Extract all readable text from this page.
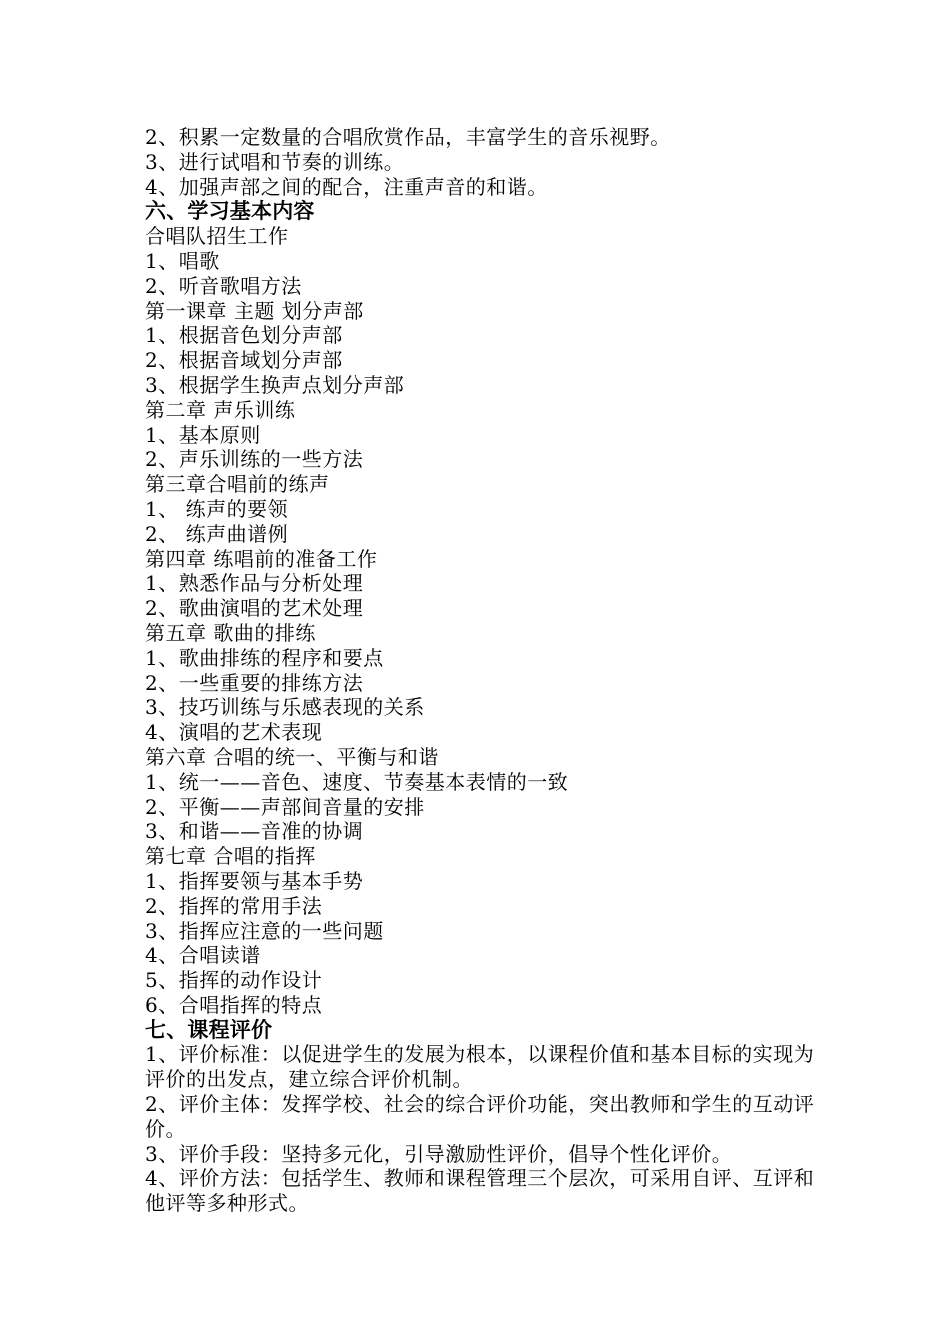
2、积累一定数量的合唱欣赏作品，丰富学生的音乐视野。
3、进行试唱和节奏的训练。
4、加强声部之间的配合，注重声音的和谐。
六、学习基本内容
合唱队招生工作
1、唱歌
2、听音歌唱方法
第一课章 主题 划分声部
1、根据音色划分声部
2、根据音域划分声部
3、根据学生换声点划分声部
第二章 声乐训练
1、基本原则
2、声乐训练的一些方法
第三章合唱前的练声
1、 练声的要领
2、 练声曲谱例
第四章 练唱前的准备工作
1、熟悉作品与分析处理
2、歌曲演唱的艺术处理
第五章 歌曲的排练
1、歌曲排练的程序和要点
2、一些重要的排练方法
3、技巧训练与乐感表现的关系
4、演唱的艺术表现
第六章 合唱的统一、平衡与和谐
1、统一——音色、速度、节奏基本表情的一致
2、平衡——声部间音量的安排
3、和谐——音准的协调
第七章 合唱的指挥
1、指挥要领与基本手势
2、指挥的常用手法
3、指挥应注意的一些问题
4、合唱读谱
5、指挥的动作设计
6、合唱指挥的特点
七、课程评价
1、评价标准：以促进学生的发展为根本，以课程价值和基本目标的实现为评价的出发点，建立综合评价机制。
2、评价主体：发挥学校、社会的综合评价功能，突出教师和学生的互动评价。
3、评价手段：坚持多元化，引导激励性评价，倡导个性化评价。
4、评价方法：包括学生、教师和课程管理三个层次，可采用自评、互评和他评等多种形式。
